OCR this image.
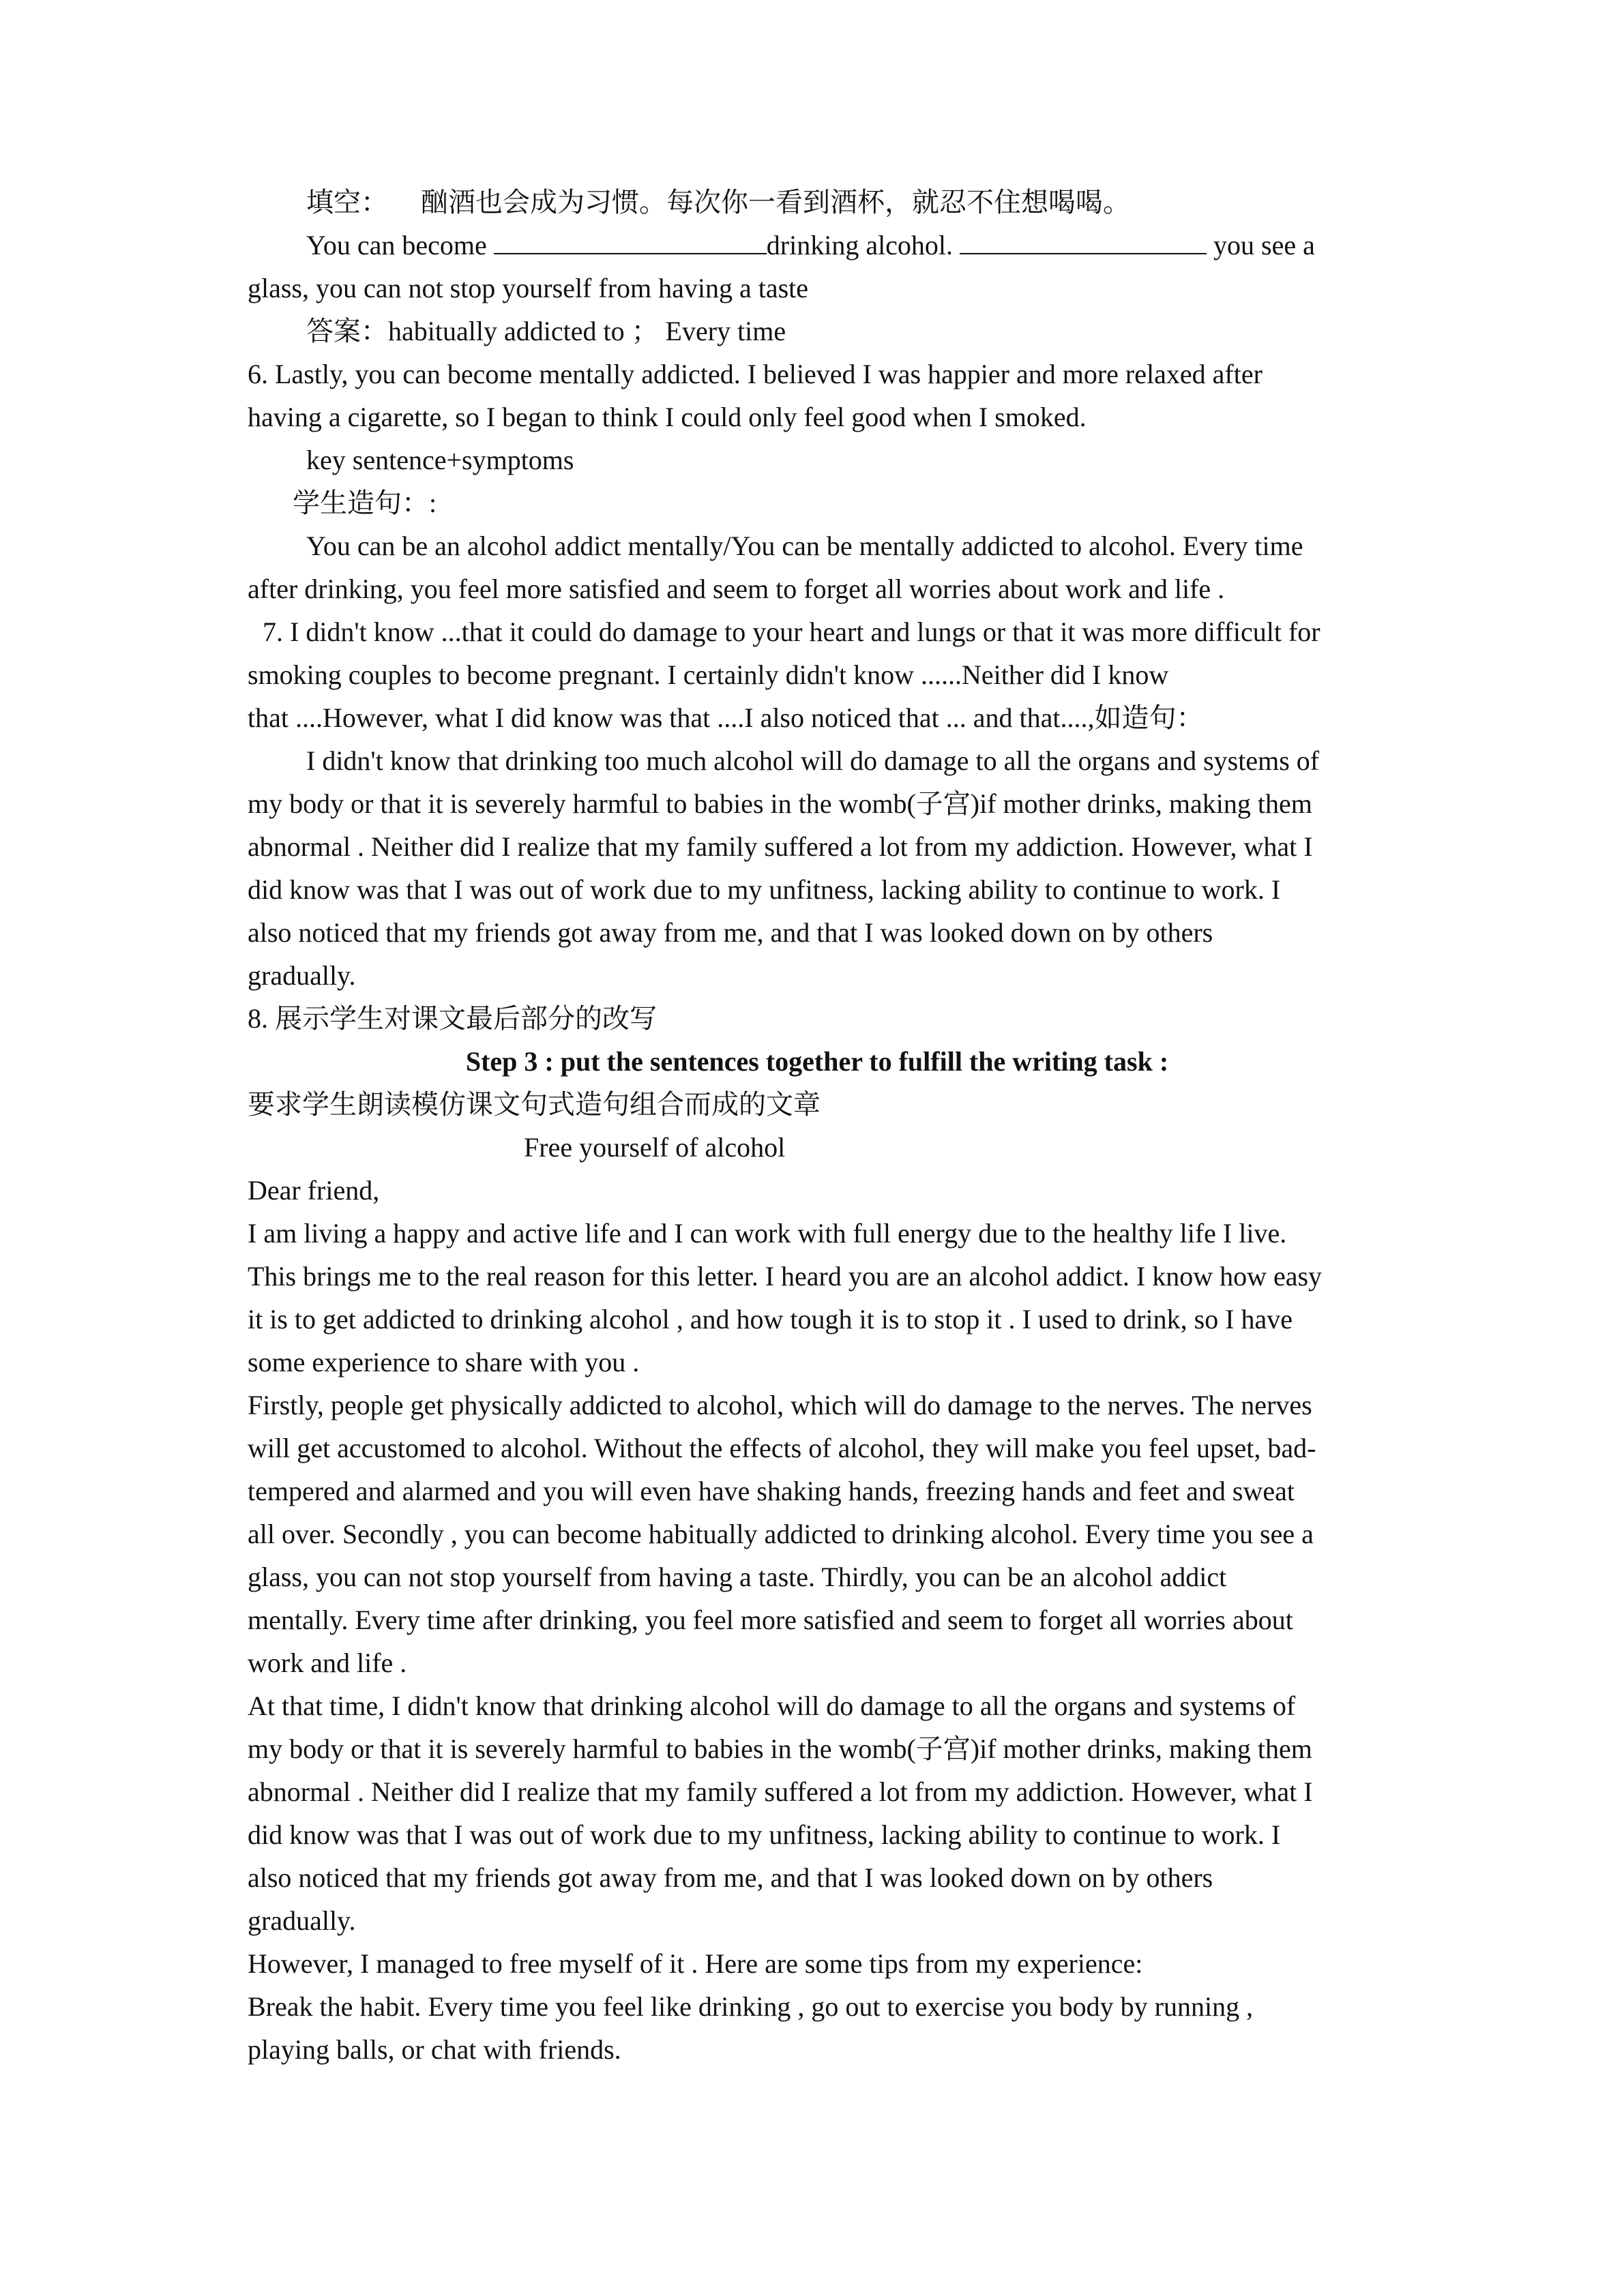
填空： 酗酒也会成为习惯。每次你一看到酒杯，就忍不住想喝喝。

You can become	drinking alcohol.	you see a

glass, you can not stop yourself from having a taste

答案：habitually addicted to ； Every time

6. Lastly, you can become mentally addicted. I believed I was happier and more relaxed after

having a cigarette, so I began to think I could only feel good when I smoked.

key sentence+symptoms

学生造句：:

You can be an alcohol addict mentally/You can be mentally addicted to alcohol. Every time

after drinking, you feel more satisfied and seem to forget all worries about work and life .

7. I didn't know ...that it could do damage to your heart and lungs or that it was more difficult for

smoking couples to become pregnant. I certainly didn't know ......Neither did I know

that ....However, what I did know was that ....I also noticed that ... and that....,如造句：

I didn't know that drinking too much alcohol will do damage to all the organs and systems of

my body or that it is severely harmful to babies in the womb(子宫)if mother drinks, making them

abnormal . Neither did I realize that my family suffered a lot from my addiction. However, what I

did know was that I was out of work due to my unfitness, lacking ability to continue to work. I

also noticed that my friends got away from me, and that I was looked down on by others

gradually.

8. 展示学生对课文最后部分的改写

Step 3 : put the sentences together to fulfill the writing task :

要求学生朗读模仿课文句式造句组合而成的文章

Free yourself of alcohol

Dear friend,

I am living a happy and active life and I can work with full energy due to the healthy life I live.

This brings me to the real reason for this letter. I heard you are an alcohol addict. I know how easy

it is to get addicted to drinking alcohol , and how tough it is to stop it . I used to drink, so I have

some experience to share with you .

Firstly, people get physically addicted to alcohol, which will do damage to the nerves. The nerves

will get accustomed to alcohol. Without the effects of alcohol, they will make you feel upset, bad-

tempered and alarmed and you will even have shaking hands, freezing hands and feet and sweat

all over. Secondly , you can become habitually addicted to drinking alcohol. Every time you see a

glass, you can not stop yourself from having a taste. Thirdly, you can be an alcohol addict

mentally. Every time after drinking, you feel more satisfied and seem to forget all worries about

work and life .

At that time, I didn't know that drinking alcohol will do damage to all the organs and systems of

my body or that it is severely harmful to babies in the womb(子宫)if mother drinks, making them

abnormal . Neither did I realize that my family suffered a lot from my addiction. However, what I

did know was that I was out of work due to my unfitness, lacking ability to continue to work. I

also noticed that my friends got away from me, and that I was looked down on by others

gradually.

However, I managed to free myself of it . Here are some tips from my experience:

Break the habit. Every time you feel like drinking , go out to exercise you body by running ,

playing balls, or chat with friends.
